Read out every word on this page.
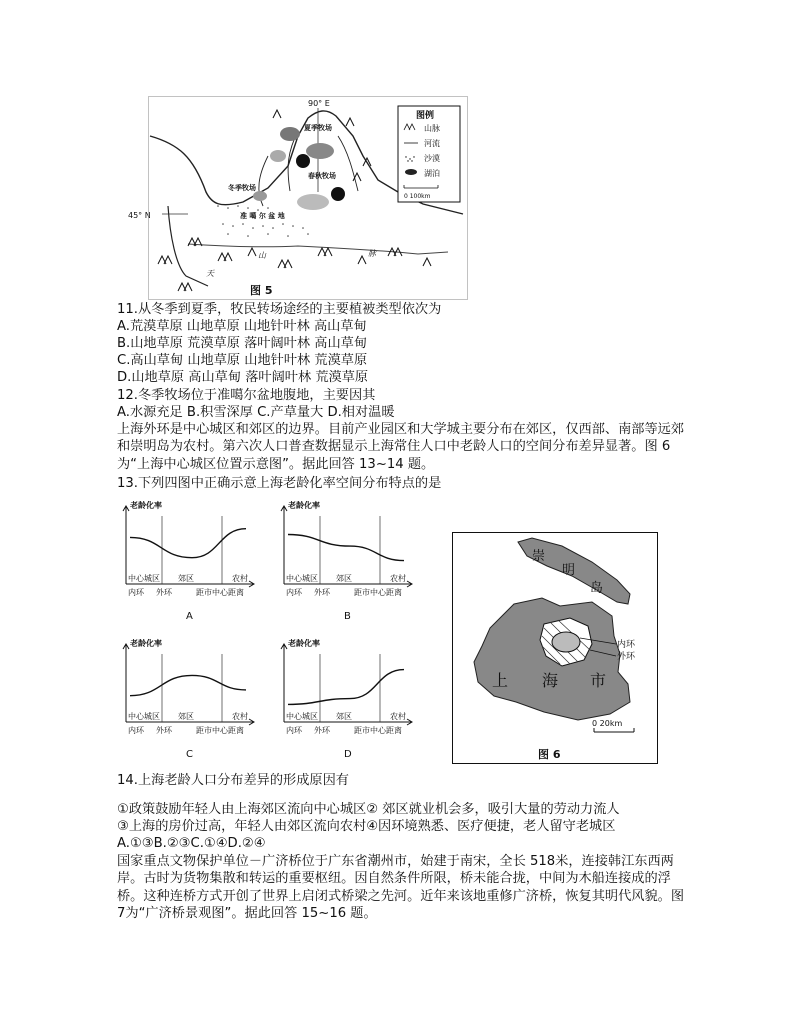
90° E
45° N
夏季牧场
春秋牧场
冬季牧场
准 噶 尔 盆 地
天
山	脉
图例
山脉
河流
沙漠
湖泊
0 100km
图 5
11.从冬季到夏季，牧民转场途经的主要植被类型依次为
A.荒漠草原 山地草原 山地针叶林 高山草甸
B.山地草原 荒漠草原 落叶阔叶林 高山草甸
C.高山草甸 山地草原 山地针叶林 荒漠草原
D.山地草原 高山草甸 落叶阔叶林 荒漠草原
12.冬季牧场位于准噶尔盆地腹地，主要因其
A.水源充足 B.积雪深厚 C.产草量大 D.相对温暖
上海外环是中心城区和郊区的边界。目前产业园区和大学城主要分布在郊区，仅西部、南部等远郊和崇明岛为农村。第六次人口普查数据显示上海常住人口中老龄人口的空间分布差异显著。图 6为“上海中心城区位置示意图”。据此回答 13~14 题。
13.下列四图中正确示意上海老龄化率空间分布特点的是
老龄化率
中心城区 郊区	农村
内环 外环	距市中心距离
A
老龄化率
中心城区 郊区	农村
内环 外环	距市中心距离
B
老龄化率
中心城区 郊区	农村
内环 外环	距市中心距离
C
老龄化率
中心城区 郊区	农村
内环 外环	距市中心距离
D
内环
外环
崇
明
岛
上 海 市
0 20km
图 6
14.上海老龄人口分布差异的形成原因有
①政策鼓励年轻人由上海郊区流向中心城区② 郊区就业机会多，吸引大量的劳动力流人
③上海的房价过高，年轻人由郊区流向农村④因环境熟悉、医疗便捷，老人留守老城区
A.①③B.②③C.①④D.②④
国家重点文物保护单位－广济桥位于广东省潮州市，始建于南宋，全长 518米，连接韩江东西两岸。古时为货物集散和转运的重要枢纽。因自然条件所限，桥未能合拢，中间为木船连接成的浮桥。这种连桥方式开创了世界上启闭式桥梁之先河。近年来该地重修广济桥，恢复其明代风貌。图 7为“广济桥景观图”。据此回答 15~16 题。
